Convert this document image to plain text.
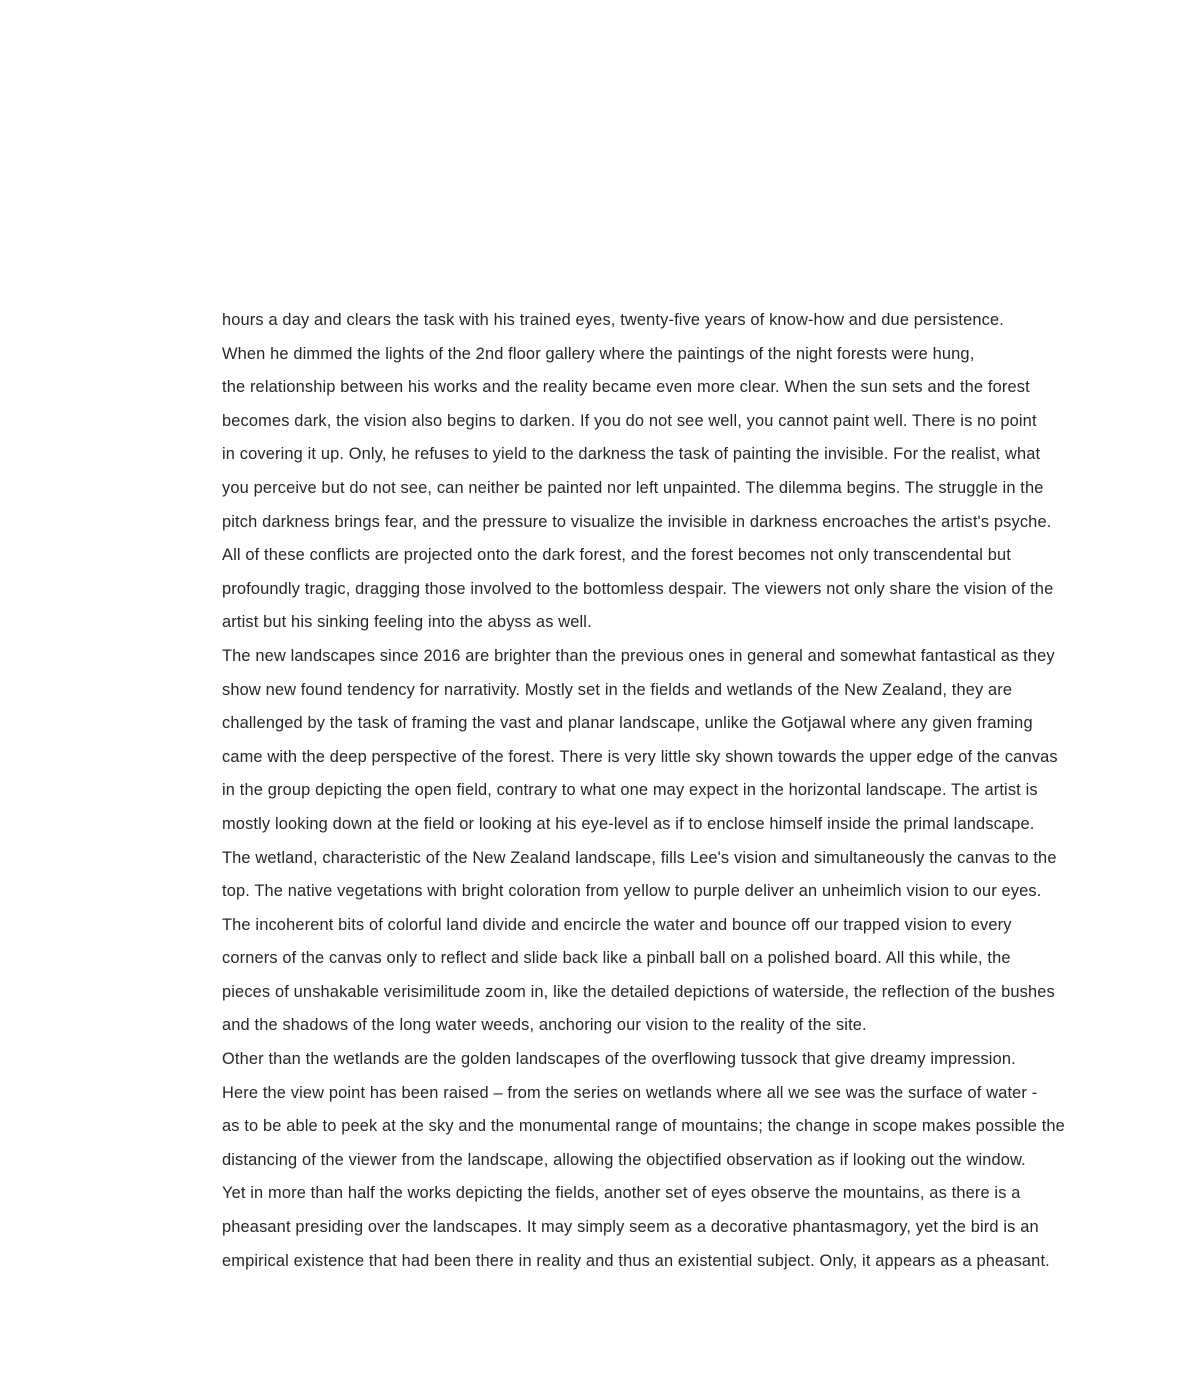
hours a day and clears the task with his trained eyes, twenty-five years of know-how and due persistence.
When he dimmed the lights of the 2nd floor gallery where the paintings of the night forests were hung,
the relationship between his works and the reality became even more clear. When the sun sets and the forest
becomes dark, the vision also begins to darken. If you do not see well, you cannot paint well. There is no point
in covering it up. Only, he refuses to yield to the darkness the task of painting the invisible. For the realist, what
you perceive but do not see, can neither be painted nor left unpainted. The dilemma begins. The struggle in the
pitch darkness brings fear, and the pressure to visualize the invisible in darkness encroaches the artist's psyche.
All of these conflicts are projected onto the dark forest, and the forest becomes not only transcendental but
profoundly tragic, dragging those involved to the bottomless despair. The viewers not only share the vision of the
artist but his sinking feeling into the abyss as well.
The new landscapes since 2016 are brighter than the previous ones in general and somewhat fantastical as they
show new found tendency for narrativity. Mostly set in the fields and wetlands of the New Zealand, they are
challenged by the task of framing the vast and planar landscape, unlike the Gotjawal where any given framing
came with the deep perspective of the forest. There is very little sky shown towards the upper edge of the canvas
in the group depicting the open field, contrary to what one may expect in the horizontal landscape. The artist is
mostly looking down at the field or looking at his eye-level as if to enclose himself inside the primal landscape.
The wetland, characteristic of the New Zealand landscape, fills Lee's vision and simultaneously the canvas to the
top. The native vegetations with bright coloration from yellow to purple deliver an unheimlich vision to our eyes.
The incoherent bits of colorful land divide and encircle the water and bounce off our trapped vision to every
corners of the canvas only to reflect and slide back like a pinball ball on a polished board. All this while, the
pieces of unshakable verisimilitude zoom in, like the detailed depictions of waterside, the reflection of the bushes
and the shadows of the long water weeds, anchoring our vision to the reality of the site.
Other than the wetlands are the golden landscapes of the overflowing tussock that give dreamy impression.
Here the view point has been raised – from the series on wetlands where all we see was the surface of water -
as to be able to peek at the sky and the monumental range of mountains; the change in scope makes possible the
distancing of the viewer from the landscape, allowing the objectified observation as if looking out the window.
Yet in more than half the works depicting the fields, another set of eyes observe the mountains, as there is a
pheasant presiding over the landscapes. It may simply seem as a decorative phantasmagory, yet the bird is an
empirical existence that had been there in reality and thus an existential subject. Only, it appears as a pheasant.
